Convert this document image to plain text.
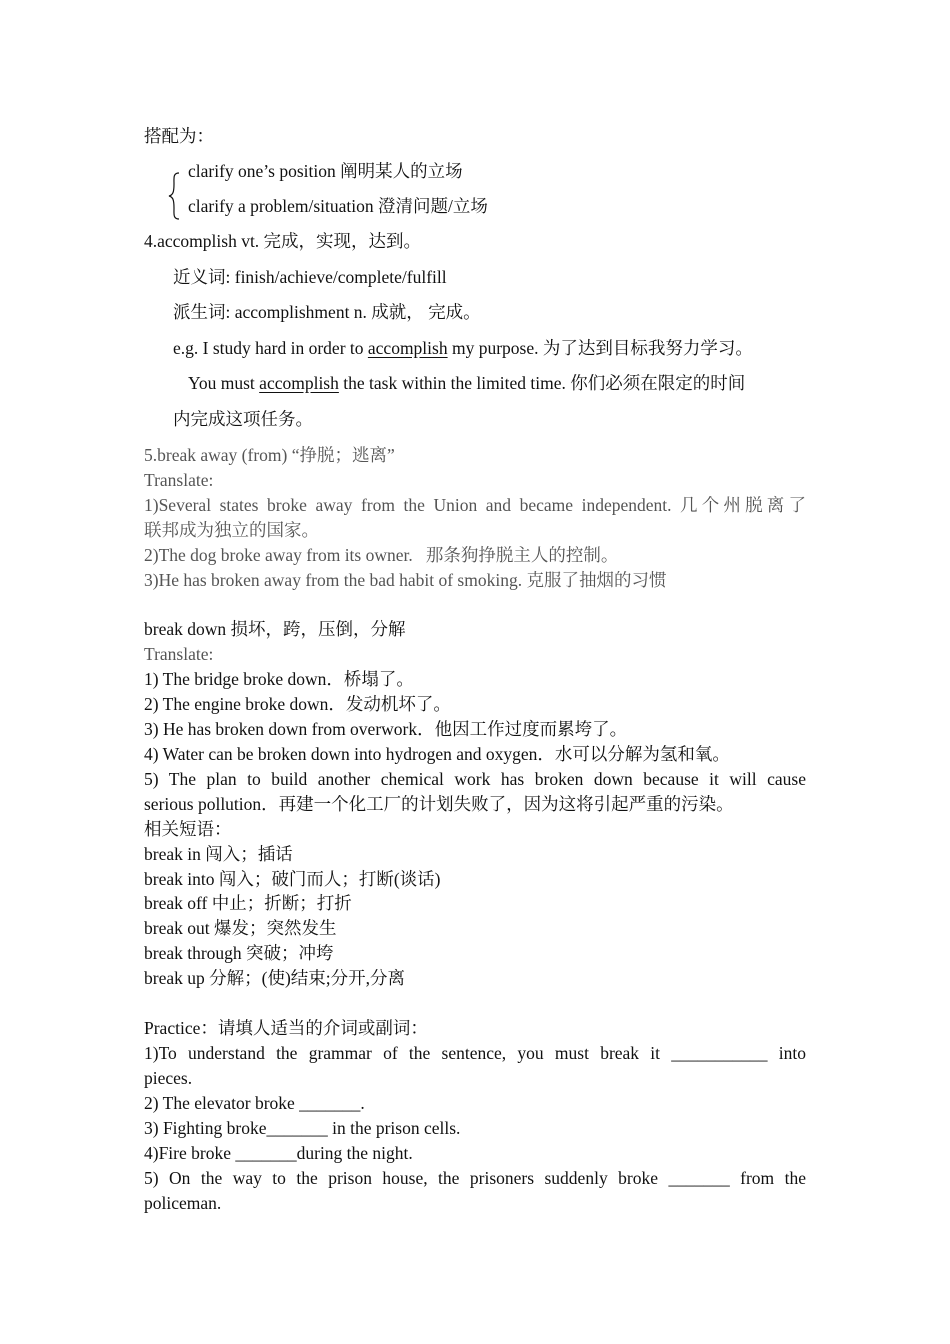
搭配为：
clarify one’s position 阐明某人的立场
clarify a problem/situation 澄清问题/立场
4.accomplish vt. 完成，实现，达到。
近义词: finish/achieve/complete/fulfill
派生词: accomplishment n. 成就， 完成。
e.g. I study hard in order to accomplish my purpose. 为了达到目标我努力学习。
You must accomplish the task within the limited time. 你们必须在限定的时间
内完成这项任务。
5.break away (from) “挣脱；逃离”
Translate:
1)Several states broke away from the Union and became independent. 几个州脱离了
联邦成为独立的国家。
2)The dog broke away from its owner.   那条狗挣脱主人的控制。
3)He has broken away from the bad habit of smoking. 克服了抽烟的习惯
break down 损坏，跨，压倒，分解
Translate:
1) The bridge broke down．桥塌了。
2) The engine broke down．发动机坏了。
3) He has broken down from overwork．他因工作过度而累垮了。
4) Water can be broken down into hydrogen and oxygen．水可以分解为氢和氧。
5) The plan to build another chemical work has broken down because it will cause
serious pollution．再建一个化工厂的计划失败了，因为这将引起严重的污染。
相关短语：
break in 闯入；插话
break into 闯入；破门而人；打断(谈话)
break off 中止；折断；打折
break out 爆发；突然发生
break through 突破；冲垮
break up 分解；(使)结束;分开,分离
Practice：请填人适当的介词或副词：
1)To understand the grammar of the sentence, you must break it ___________ into
pieces.
2) The elevator broke _______.
3) Fighting broke_______ in the prison cells.
4)Fire broke _______during the night.
5) On the way to the prison house, the prisoners suddenly broke _______ from the
policeman.
